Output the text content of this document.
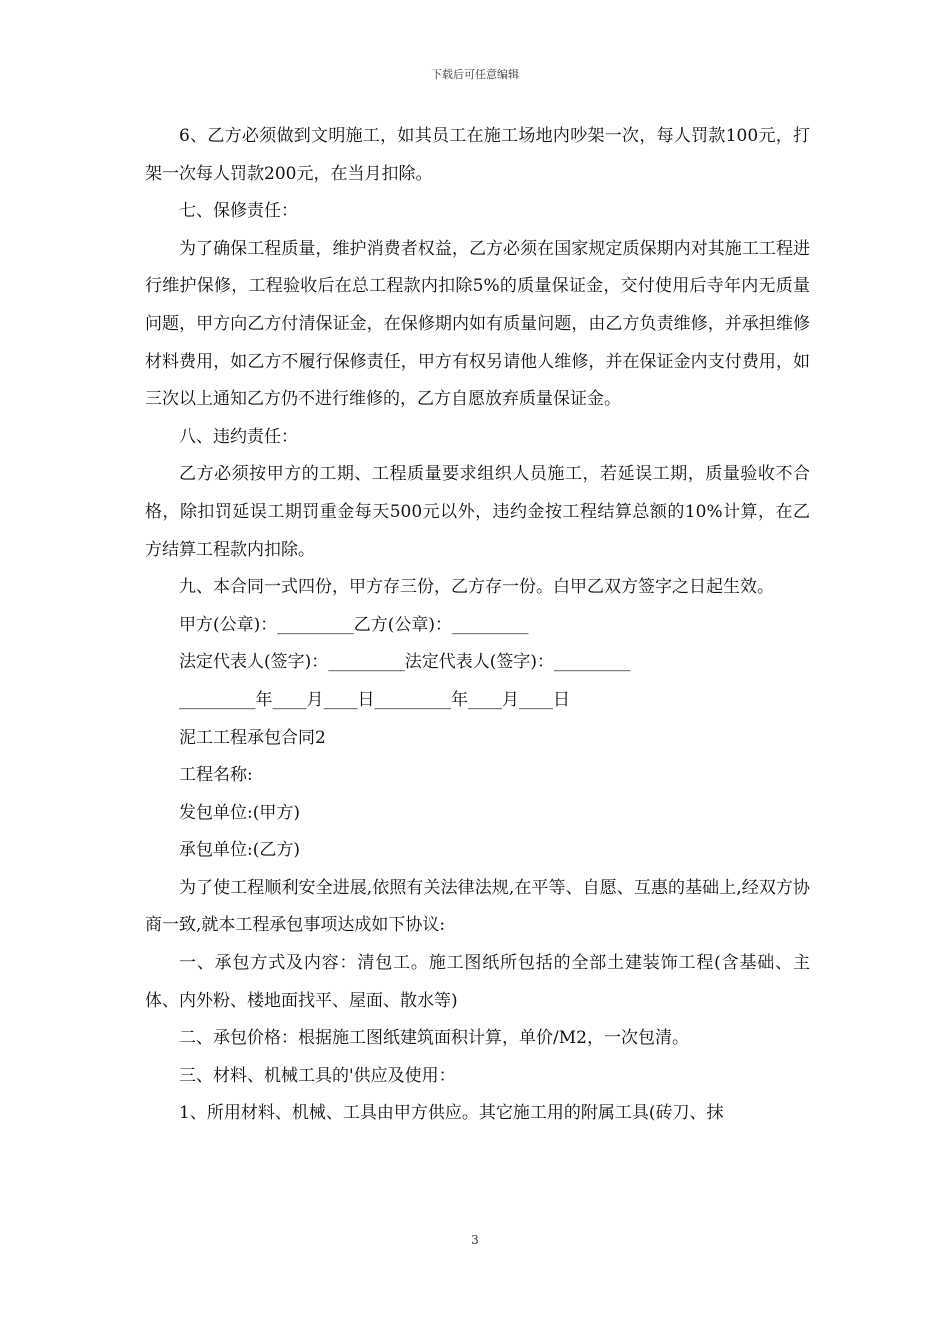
下载后可任意编辑

6、乙方必须做到文明施工，如其员工在施工场地内吵架一次，每人罚款100元，打架一次每人罚款200元，在当月扣除。

七、保修责任：

为了确保工程质量，维护消费者权益，乙方必须在国家规定质保期内对其施工工程进行维护保修，工程验收后在总工程款内扣除5%的质量保证金，交付使用后寺年内无质量问题，甲方向乙方付清保证金，在保修期内如有质量问题，由乙方负责维修，并承担维修材料费用，如乙方不履行保修责任，甲方有权另请他人维修，并在保证金内支付费用，如三次以上通知乙方仍不进行维修的，乙方自愿放弃质量保证金。

八、违约责任：

乙方必须按甲方的工期、工程质量要求组织人员施工，若延误工期，质量验收不合格，除扣罚延误工期罚重金每天500元以外，违约金按工程结算总额的10%计算，在乙方结算工程款内扣除。

九、本合同一式四份，甲方存三份，乙方存一份。白甲乙双方签字之日起生效。

甲方(公章)：_________乙方(公章)：_________

法定代表人(签字)：_________法定代表人(签字)：_________

_________年____月____日_________年____月____日

泥工工程承包合同2

工程名称:

发包单位:(甲方)

承包单位:(乙方)

为了使工程顺利安全进展,依照有关法律法规,在平等、自愿、互惠的基础上,经双方协商一致,就本工程承包事项达成如下协议:

一、承包方式及内容：清包工。施工图纸所包括的全部土建装饰工程(含基础、主体、内外粉、楼地面找平、屋面、散水等)

二、承包价格：根据施工图纸建筑面积计算，单价/M2，一次包清。

三、材料、机械工具的'供应及使用：

1、所用材料、机械、工具由甲方供应。其它施工用的附属工具(砖刀、抹

3
